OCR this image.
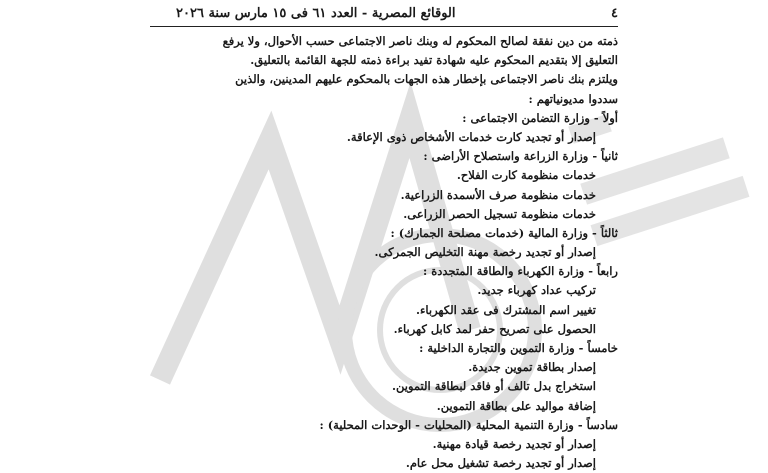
٤
الوقائع المصرية - العدد ٦١ فى ١٥ مارس سنة ٢٠٢٦
ذمته من دين نفقة لصالح المحكوم له وبنك ناصر الاجتماعى حسب الأحوال، ولا يرفع
التعليق إلا بتقديم المحكوم عليه شهادة تفيد براءة ذمته للجهة القائمة بالتعليق.
ويلتزم بنك ناصر الاجتماعى بإخطار هذه الجهات بالمحكوم عليهم المدينين، والذين
سددوا مديونياتهم :
أولاً - وزارة التضامن الاجتماعى :
إصدار أو تجديد كارت خدمات الأشخاص ذوى الإعاقة.
ثانياً - وزارة الزراعة واستصلاح الأراضى :
خدمات منظومة كارت الفلاح.
خدمات منظومة صرف الأسمدة الزراعية.
خدمات منظومة تسجيل الحصر الزراعى.
ثالثاً - وزارة المالية (خدمات مصلحة الجمارك) :
إصدار أو تجديد رخصة مهنة التخليص الجمركى.
رابعاً - وزارة الكهرباء والطاقة المتجددة :
تركيب عداد كهرباء جديد.
تغيير اسم المشترك فى عقد الكهرباء.
الحصول على تصريح حفر لمد كابل كهرباء.
خامساً - وزارة التموين والتجارة الداخلية :
إصدار بطاقة تموين جديدة.
استخراج بدل تالف أو فاقد لبطاقة التموين.
إضافة مواليد على بطاقة التموين.
سادساً - وزارة التنمية المحلية (المحليات - الوحدات المحلية) :
إصدار أو تجديد رخصة قيادة مهنية.
إصدار أو تجديد رخصة تشغيل محل عام.
